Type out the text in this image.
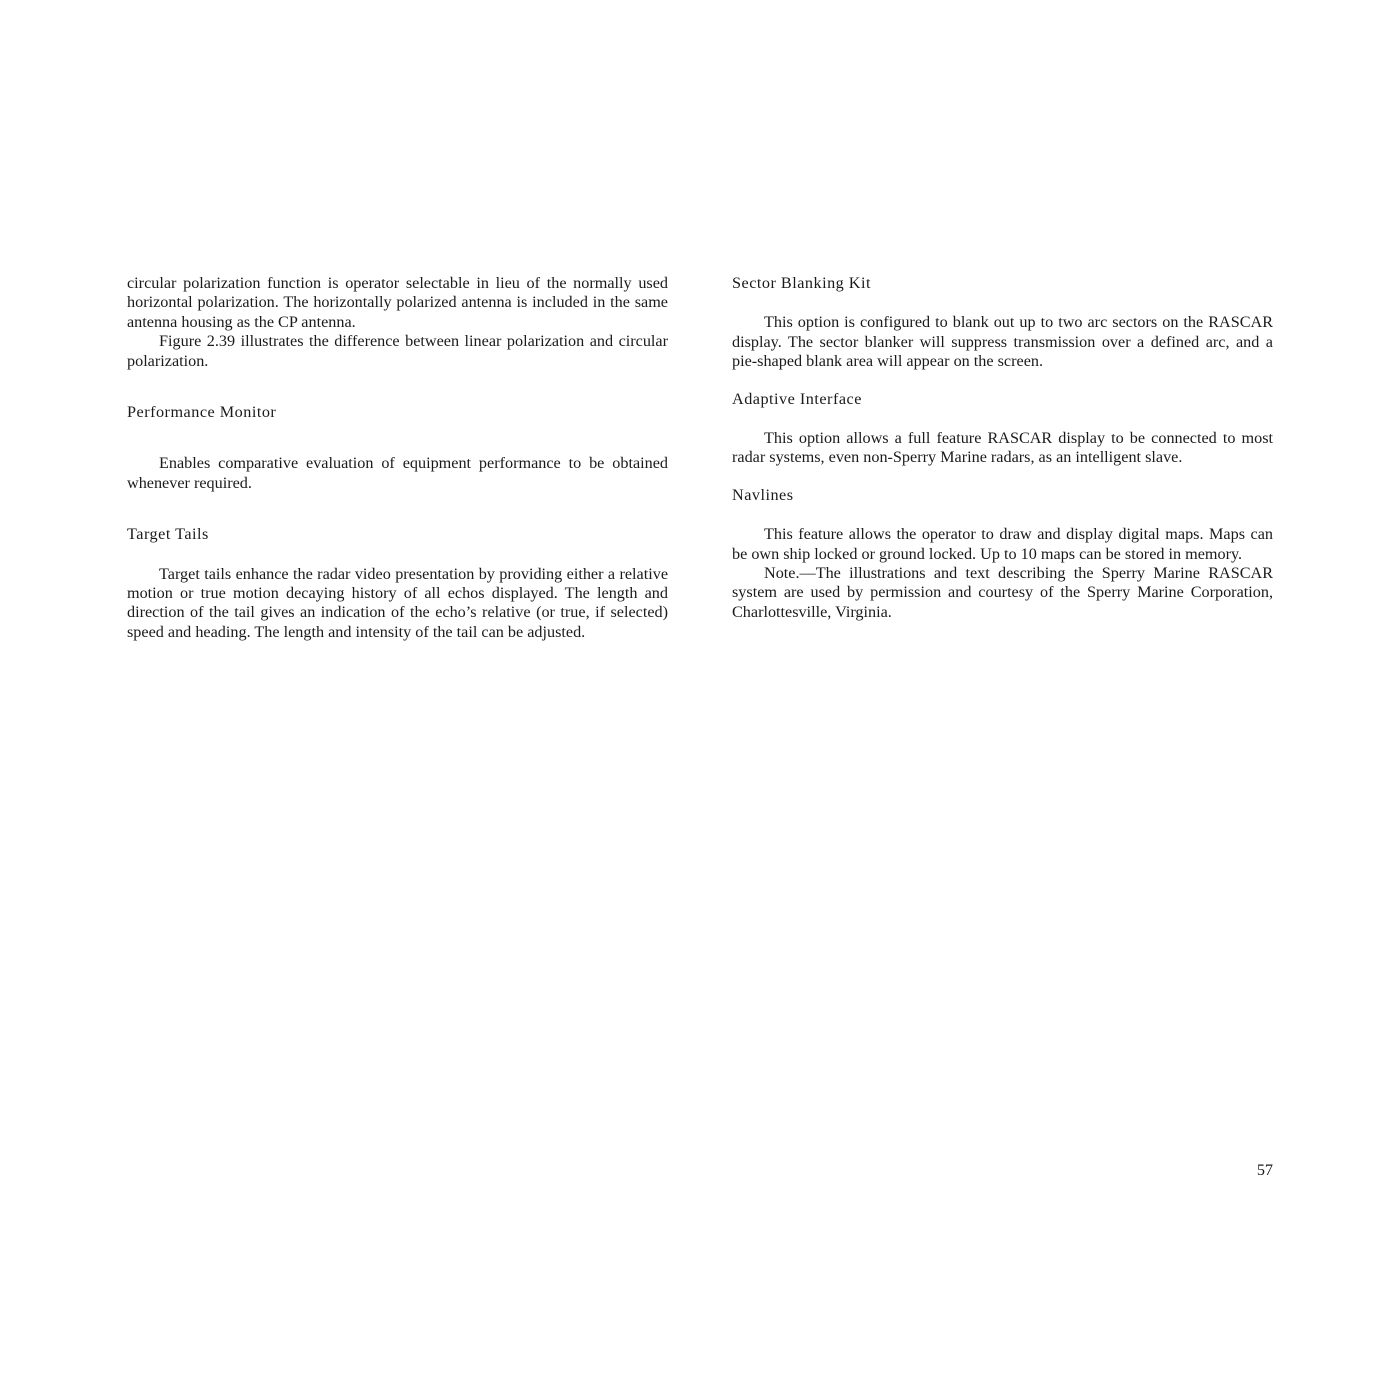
circular polarization function is operator selectable in lieu of the normally used horizontal polarization. The horizontally polarized antenna is included in the same antenna housing as the CP antenna.

Figure 2.39 illustrates the difference between linear polarization and circular polarization.

Performance Monitor

Enables comparative evaluation of equipment performance to be obtained whenever required.

Target Tails

Target tails enhance the radar video presentation by providing either a relative motion or true motion decaying history of all echos displayed. The length and direction of the tail gives an indication of the echo’s relative (or true, if selected) speed and heading. The length and intensity of the tail can be adjusted.

Sector Blanking Kit

This option is configured to blank out up to two arc sectors on the RASCAR display. The sector blanker will suppress transmission over a defined arc, and a pie-shaped blank area will appear on the screen.

Adaptive Interface

This option allows a full feature RASCAR display to be connected to most radar systems, even non-Sperry Marine radars, as an intelligent slave.

Navlines

This feature allows the operator to draw and display digital maps. Maps can be own ship locked or ground locked. Up to 10 maps can be stored in memory.

Note.—The illustrations and text describing the Sperry Marine RASCAR system are used by permission and courtesy of the Sperry Marine Corporation, Charlottesville, Virginia.

57
